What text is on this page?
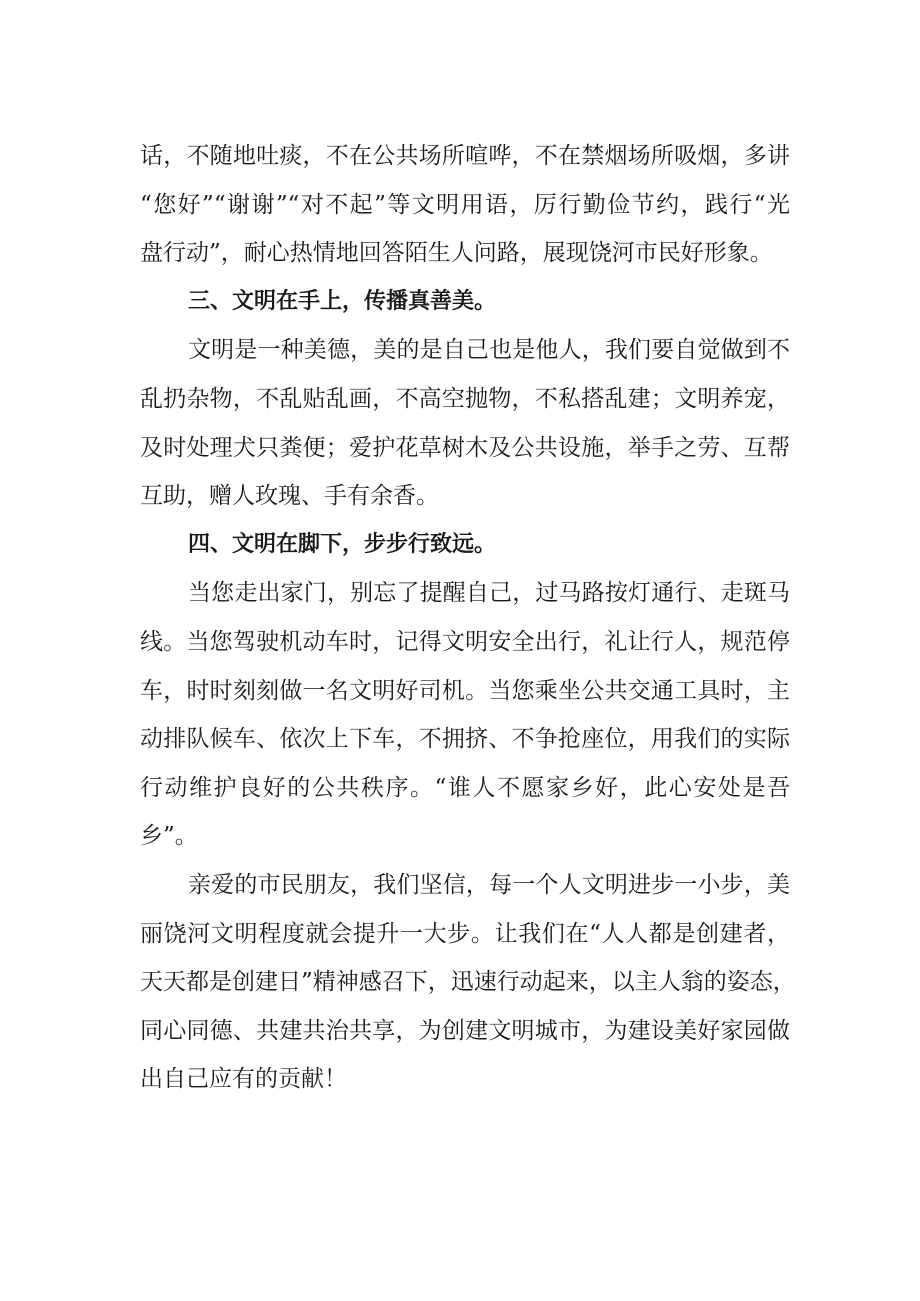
话，不随地吐痰，不在公共场所喧哗，不在禁烟场所吸烟，多讲
“您好”“谢谢”“对不起”等文明用语，厉行勤俭节约，践行“光
盘行动”，耐心热情地回答陌生人问路，展现饶河市民好形象。
三、文明在手上，传播真善美。
文明是一种美德，美的是自己也是他人，我们要自觉做到不
乱扔杂物，不乱贴乱画，不高空抛物，不私搭乱建；文明养宠，
及时处理犬只粪便；爱护花草树木及公共设施，举手之劳、互帮
互助，赠人玫瑰、手有余香。
四、文明在脚下，步步行致远。
当您走出家门，别忘了提醒自己，过马路按灯通行、走斑马
线。当您驾驶机动车时，记得文明安全出行，礼让行人，规范停
车，时时刻刻做一名文明好司机。当您乘坐公共交通工具时，主
动排队候车、依次上下车，不拥挤、不争抢座位，用我们的实际
行动维护良好的公共秩序。“谁人不愿家乡好，此心安处是吾
乡”。
亲爱的市民朋友，我们坚信，每一个人文明进步一小步，美
丽饶河文明程度就会提升一大步。让我们在“人人都是创建者，
天天都是创建日”精神感召下，迅速行动起来，以主人翁的姿态，
同心同德、共建共治共享，为创建文明城市，为建设美好家园做
出自己应有的贡献！
